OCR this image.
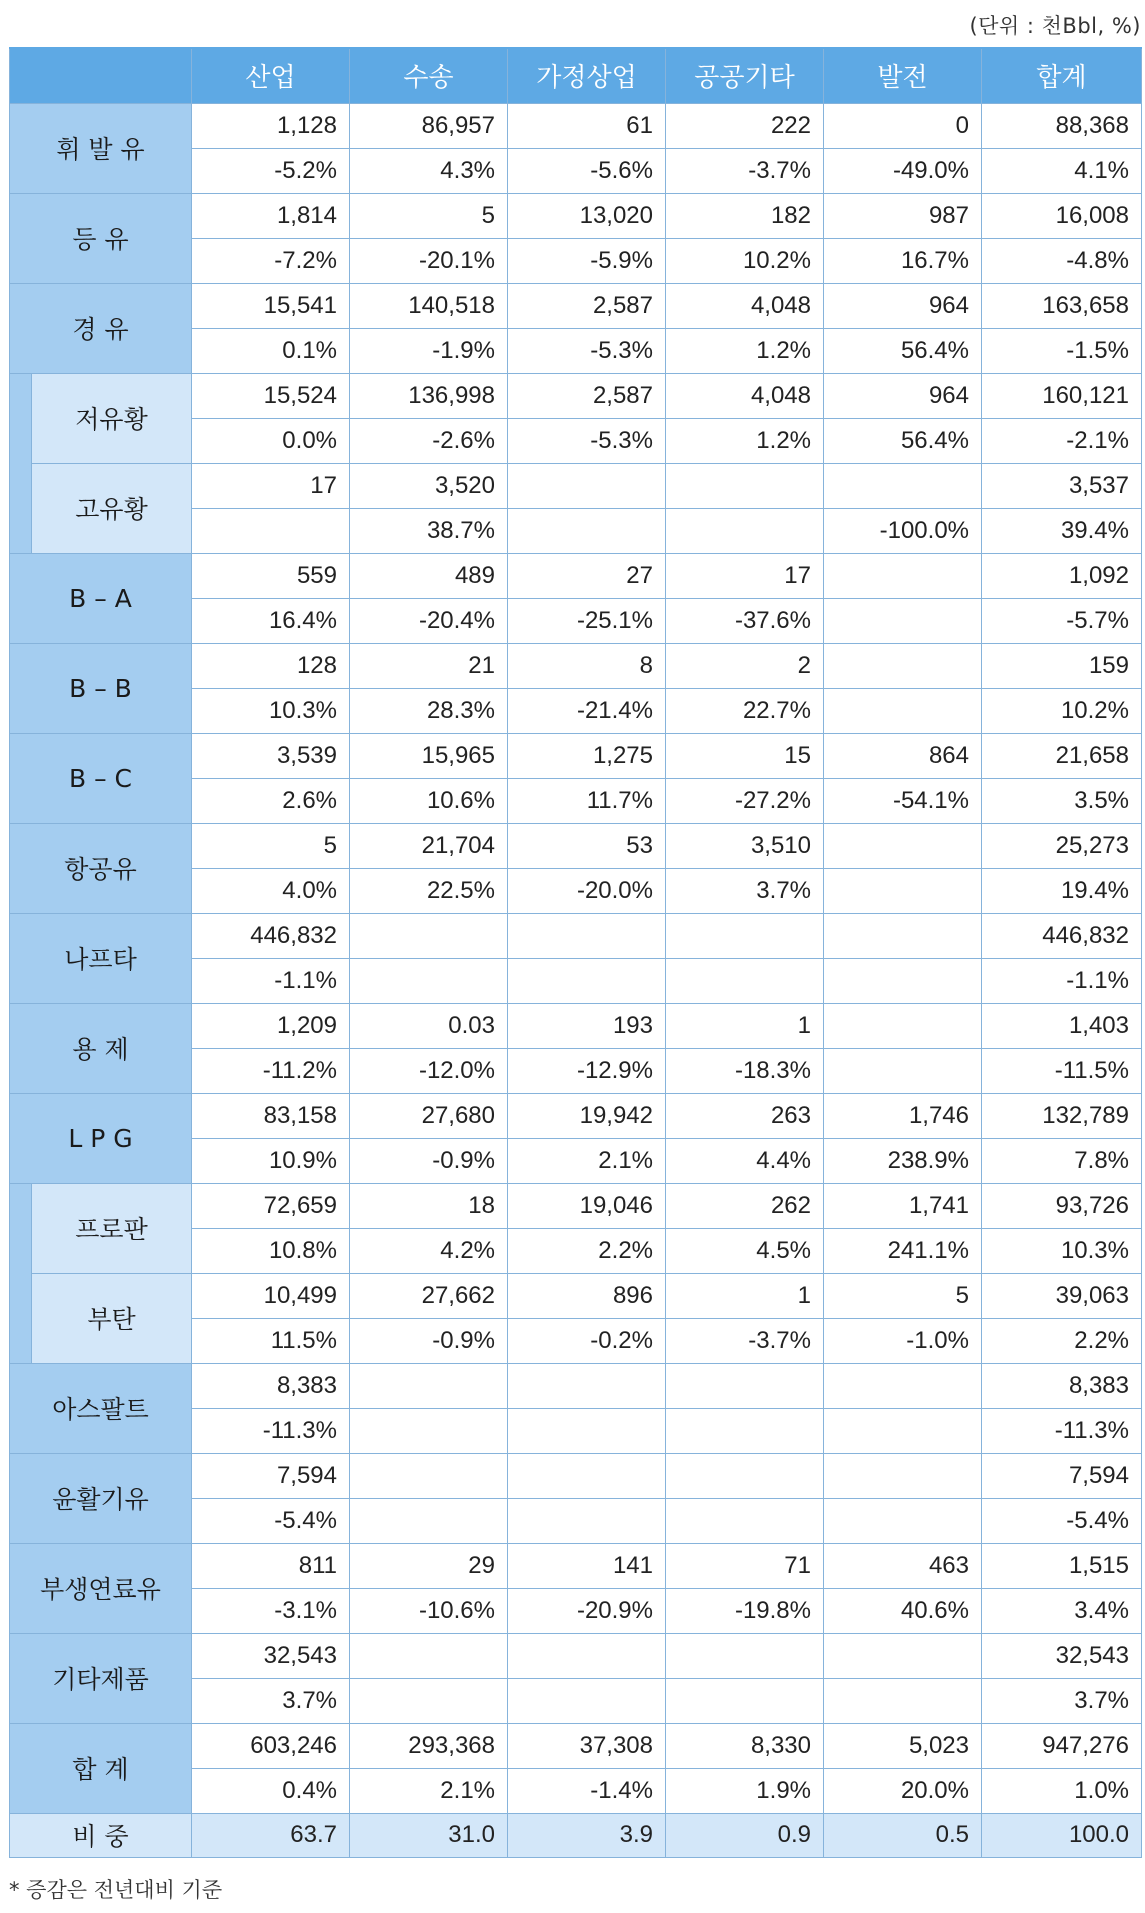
(단위 : 천Bbl, %)
		산업	수송	가정상업	공공기타	발전	합계
휘 발 유		1,128	86,957	61	222	0	88,368
		-5.2%	4.3%	-5.6%	-3.7%	-49.0%	4.1%
등 유		1,814	5	13,020	182	987	16,008
		-7.2%	-20.1%	-5.9%	10.2%	16.7%	-4.8%
경 유		15,541	140,518	2,587	4,048	964	163,658
		0.1%	-1.9%	-5.3%	1.2%	56.4%	-1.5%
	저유황	15,524	136,998	2,587	4,048	964	160,121
		0.0%	-2.6%	-5.3%	1.2%	56.4%	-2.1%
	고유황	17	3,520				3,537
			38.7%			-100.0%	39.4%
B – A		559	489	27	17		1,092
		16.4%	-20.4%	-25.1%	-37.6%		-5.7%
B – B		128	21	8	2		159
		10.3%	28.3%	-21.4%	22.7%		10.2%
B – C		3,539	15,965	1,275	15	864	21,658
		2.6%	10.6%	11.7%	-27.2%	-54.1%	3.5%
항공유		5	21,704	53	3,510		25,273
		4.0%	22.5%	-20.0%	3.7%		19.4%
나프타		446,832					446,832
		-1.1%					-1.1%
용 제		1,209	0.03	193	1		1,403
		-11.2%	-12.0%	-12.9%	-18.3%		-11.5%
L P G		83,158	27,680	19,942	263	1,746	132,789
		10.9%	-0.9%	2.1%	4.4%	238.9%	7.8%
	프로판	72,659	18	19,046	262	1,741	93,726
		10.8%	4.2%	2.2%	4.5%	241.1%	10.3%
	부탄	10,499	27,662	896	1	5	39,063
		11.5%	-0.9%	-0.2%	-3.7%	-1.0%	2.2%
아스팔트		8,383					8,383
		-11.3%					-11.3%
윤활기유		7,594					7,594
		-5.4%					-5.4%
부생연료유		811	29	141	71	463	1,515
		-3.1%	-10.6%	-20.9%	-19.8%	40.6%	3.4%
기타제품		32,543					32,543
		3.7%					3.7%
합 계		603,246	293,368	37,308	8,330	5,023	947,276
		0.4%	2.1%	-1.4%	1.9%	20.0%	1.0%
비 중		63.7	31.0	3.9	0.9	0.5	100.0
* 증감은 전년대비 기준
